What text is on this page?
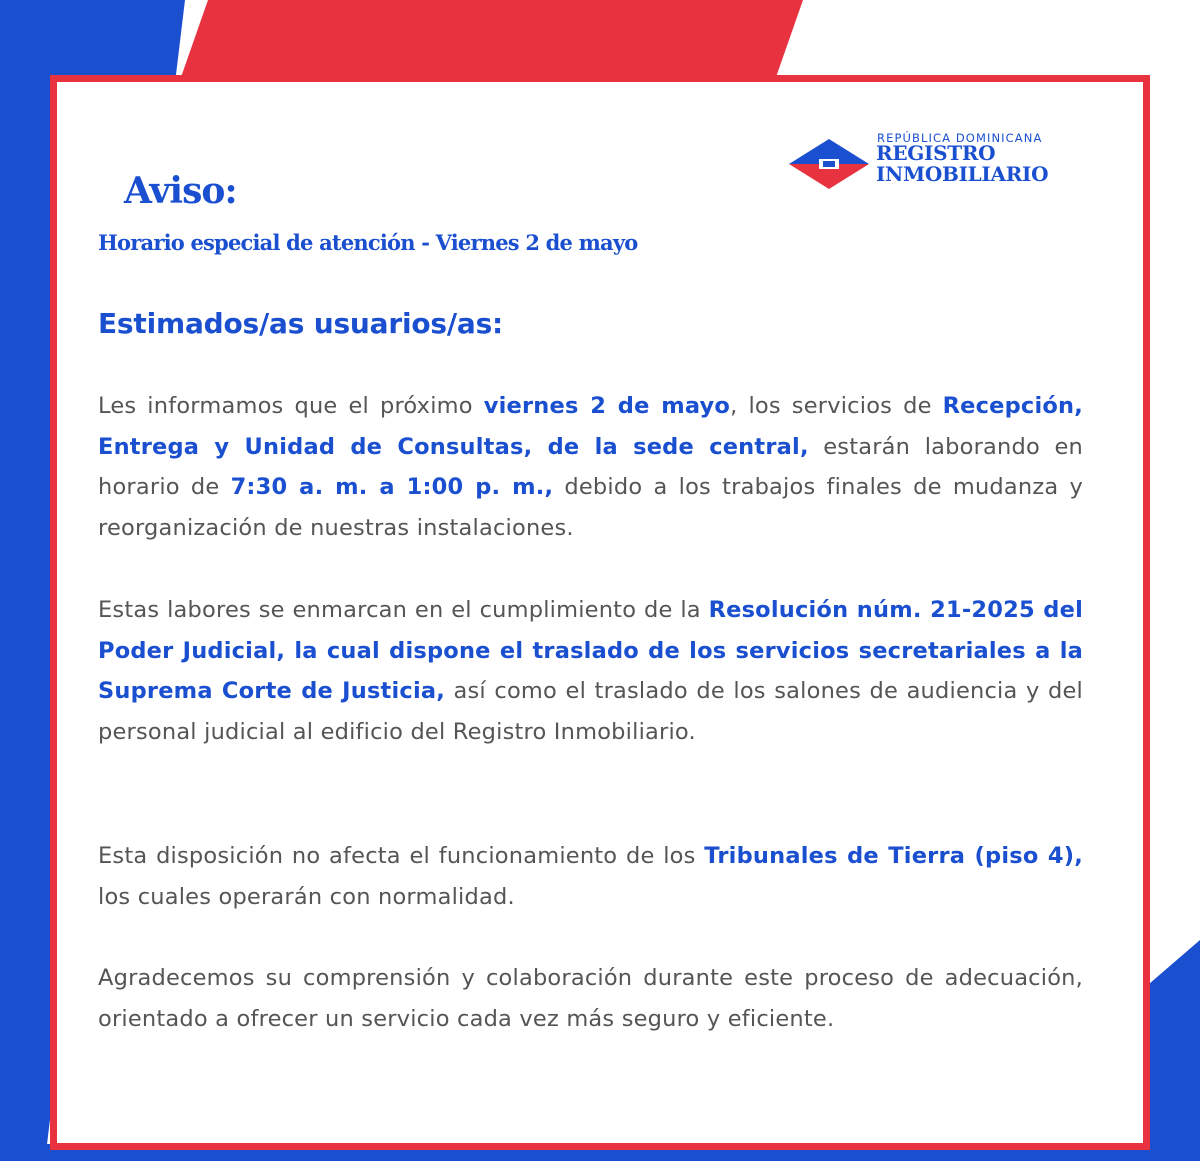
REPÚBLICA DOMINICANA
REGISTRO
INMOBILIARIO
Aviso:
Horario especial de atención - Viernes 2 de mayo
Estimados/as usuarios/as:

Les informamos que el próximo viernes 2 de mayo, los servicios de Recepción, Entrega y Unidad de Consultas, de la sede central, estarán laborando en horario de 7:30 a. m. a 1:00 p. m., debido a los trabajos finales de mudanza y reorganización de nuestras instalaciones.

Estas labores se enmarcan en el cumplimiento de la Resolución núm. 21-2025 del Poder Judicial, la cual dispone el traslado de los servicios secretariales a la Suprema Corte de Justicia, así como el traslado de los salones de audiencia y del personal judicial al edificio del Registro Inmobiliario.

Esta disposición no afecta el funcionamiento de los Tribunales de Tierra (piso 4), los cuales operarán con normalidad.

Agradecemos su comprensión y colaboración durante este proceso de adecuación, orientado a ofrecer un servicio cada vez más seguro y eficiente.
